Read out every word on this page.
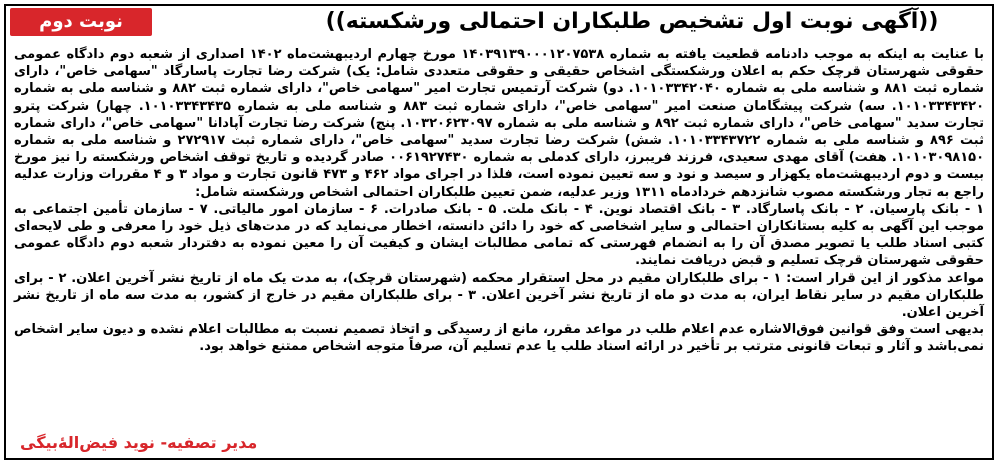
((آگهی نوبت اول تشخیص طلبکاران احتمالی ورشکسته))
نوبت دوم

با عنایت به اینکه به موجب دادنامه قطعیت یافته به شماره ۱۴۰۳۹۱۳۹۰۰۰۱۲۰۷۵۳۸ مورخ چهارم اردیبهشت‌ماه ۱۴۰۲ اصداری از شعبه دوم دادگاه عمومی حقوقی شهرستان قرچک حکم به اعلان ورشکستگی اشخاص حقیقی و حقوقی متعددی شامل: یک) شرکت رضا تجارت پاسارگاد "سهامی خاص"، دارای شماره ثبت ۸۸۱ و شناسه ملی به شماره ۱۰۱۰۳۳۴۲۰۴۰. دو) شرکت آرتمیس تجارت امیر "سهامی خاص"، دارای شماره ثبت ۸۸۲ و شناسه ملی به شماره ۱۰۱۰۳۳۴۳۴۲۰. سه) شرکت پیشگامان صنعت امیر "سهامی خاص"، دارای شماره ثبت ۸۸۳ و شناسه ملی به شماره ۱۰۱۰۳۳۴۳۴۳۵. چهار) شرکت پترو تجارت سدید "سهامی خاص"، دارای شماره ثبت ۸۹۲ و شناسه ملی به شماره ۱۰۳۲۰۶۲۳۰۹۷. پنج) شرکت رضا تجارت آپادانا "سهامی خاص"، دارای شماره ثبت ۸۹۶ و شناسه ملی به شماره ۱۰۱۰۳۳۴۳۷۲۲. شش) شرکت رضا تجارت سدید "سهامی خاص"، دارای شماره ثبت ۲۷۲۹۱۷ و شناسه ملی به شماره ۱۰۱۰۳۰۹۸۱۵۰. هفت) آقای مهدی سعیدی، فرزند فریبرز، دارای کدملی به شماره ۰۰۶۱۹۲۷۴۳۰ صادر گردیده و تاریخ توقف اشخاص ورشکسته را نیز مورخ بیست و دوم اردیبهشت‌ماه یکهزار و سیصد و نود و سه تعیین نموده است، فلذا در اجرای مواد ۴۶۲ و ۴۷۳ قانون تجارت و مواد ۳ و ۴ مقررات وزارت عدلیه راجع به تجار ورشکسته مصوب شانزدهم خردادماه ۱۳۱۱ وزیر عدلیه، ضمن تعیین طلبکاران احتمالی اشخاص ورشکسته شامل:

۱ - بانک پارسیان. ۲ - بانک پاسارگاد. ۳ - بانک اقتصاد نوین. ۴ - بانک ملت. ۵ - بانک صادرات. ۶ - سازمان امور مالیاتی. ۷ - سازمان تأمین اجتماعی به موجب این آگهی به کلیه بستانکاران احتمالی و سایر اشخاصی که خود را دائن دانسته، اخطار می‌نماید که در مدت‌های ذیل خود را معرفی و طی لایحه‌ای کتبی اسناد طلب یا تصویر مصدق آن را به انضمام فهرستی که تمامی مطالبات ایشان و کیفیت آن را معین نموده به دفتردار شعبه دوم دادگاه عمومی حقوقی شهرستان قرچک تسلیم و قبض دریافت نمایند.

مواعد مذکور از این قرار است: ۱ - برای طلبکاران مقیم در محل استقرار محکمه (شهرستان قرچک)، به مدت یک ماه از تاریخ نشر آخرین اعلان. ۲ - برای طلبکاران مقیم در سایر نقاط ایران، به مدت دو ماه از تاریخ نشر آخرین اعلان. ۳ - برای طلبکاران مقیم در خارج از کشور، به مدت سه ماه از تاریخ نشر آخرین اعلان.

بدیهی است وفق قوانین فوق‌الاشاره عدم اعلام طلب در مواعد مقرر، مانع از رسیدگی و اتخاذ تصمیم نسبت به مطالبات اعلام نشده و دیون سایر اشخاص نمی‌باشد و آثار و تبعات قانونی مترتب بر تأخیر در ارائه اسناد طلب یا عدم تسلیم آن، صرفاً متوجه اشخاص ممتنع خواهد بود.

مدیر تصفیه- نوید فیض‌الهٔ‌بیگی
